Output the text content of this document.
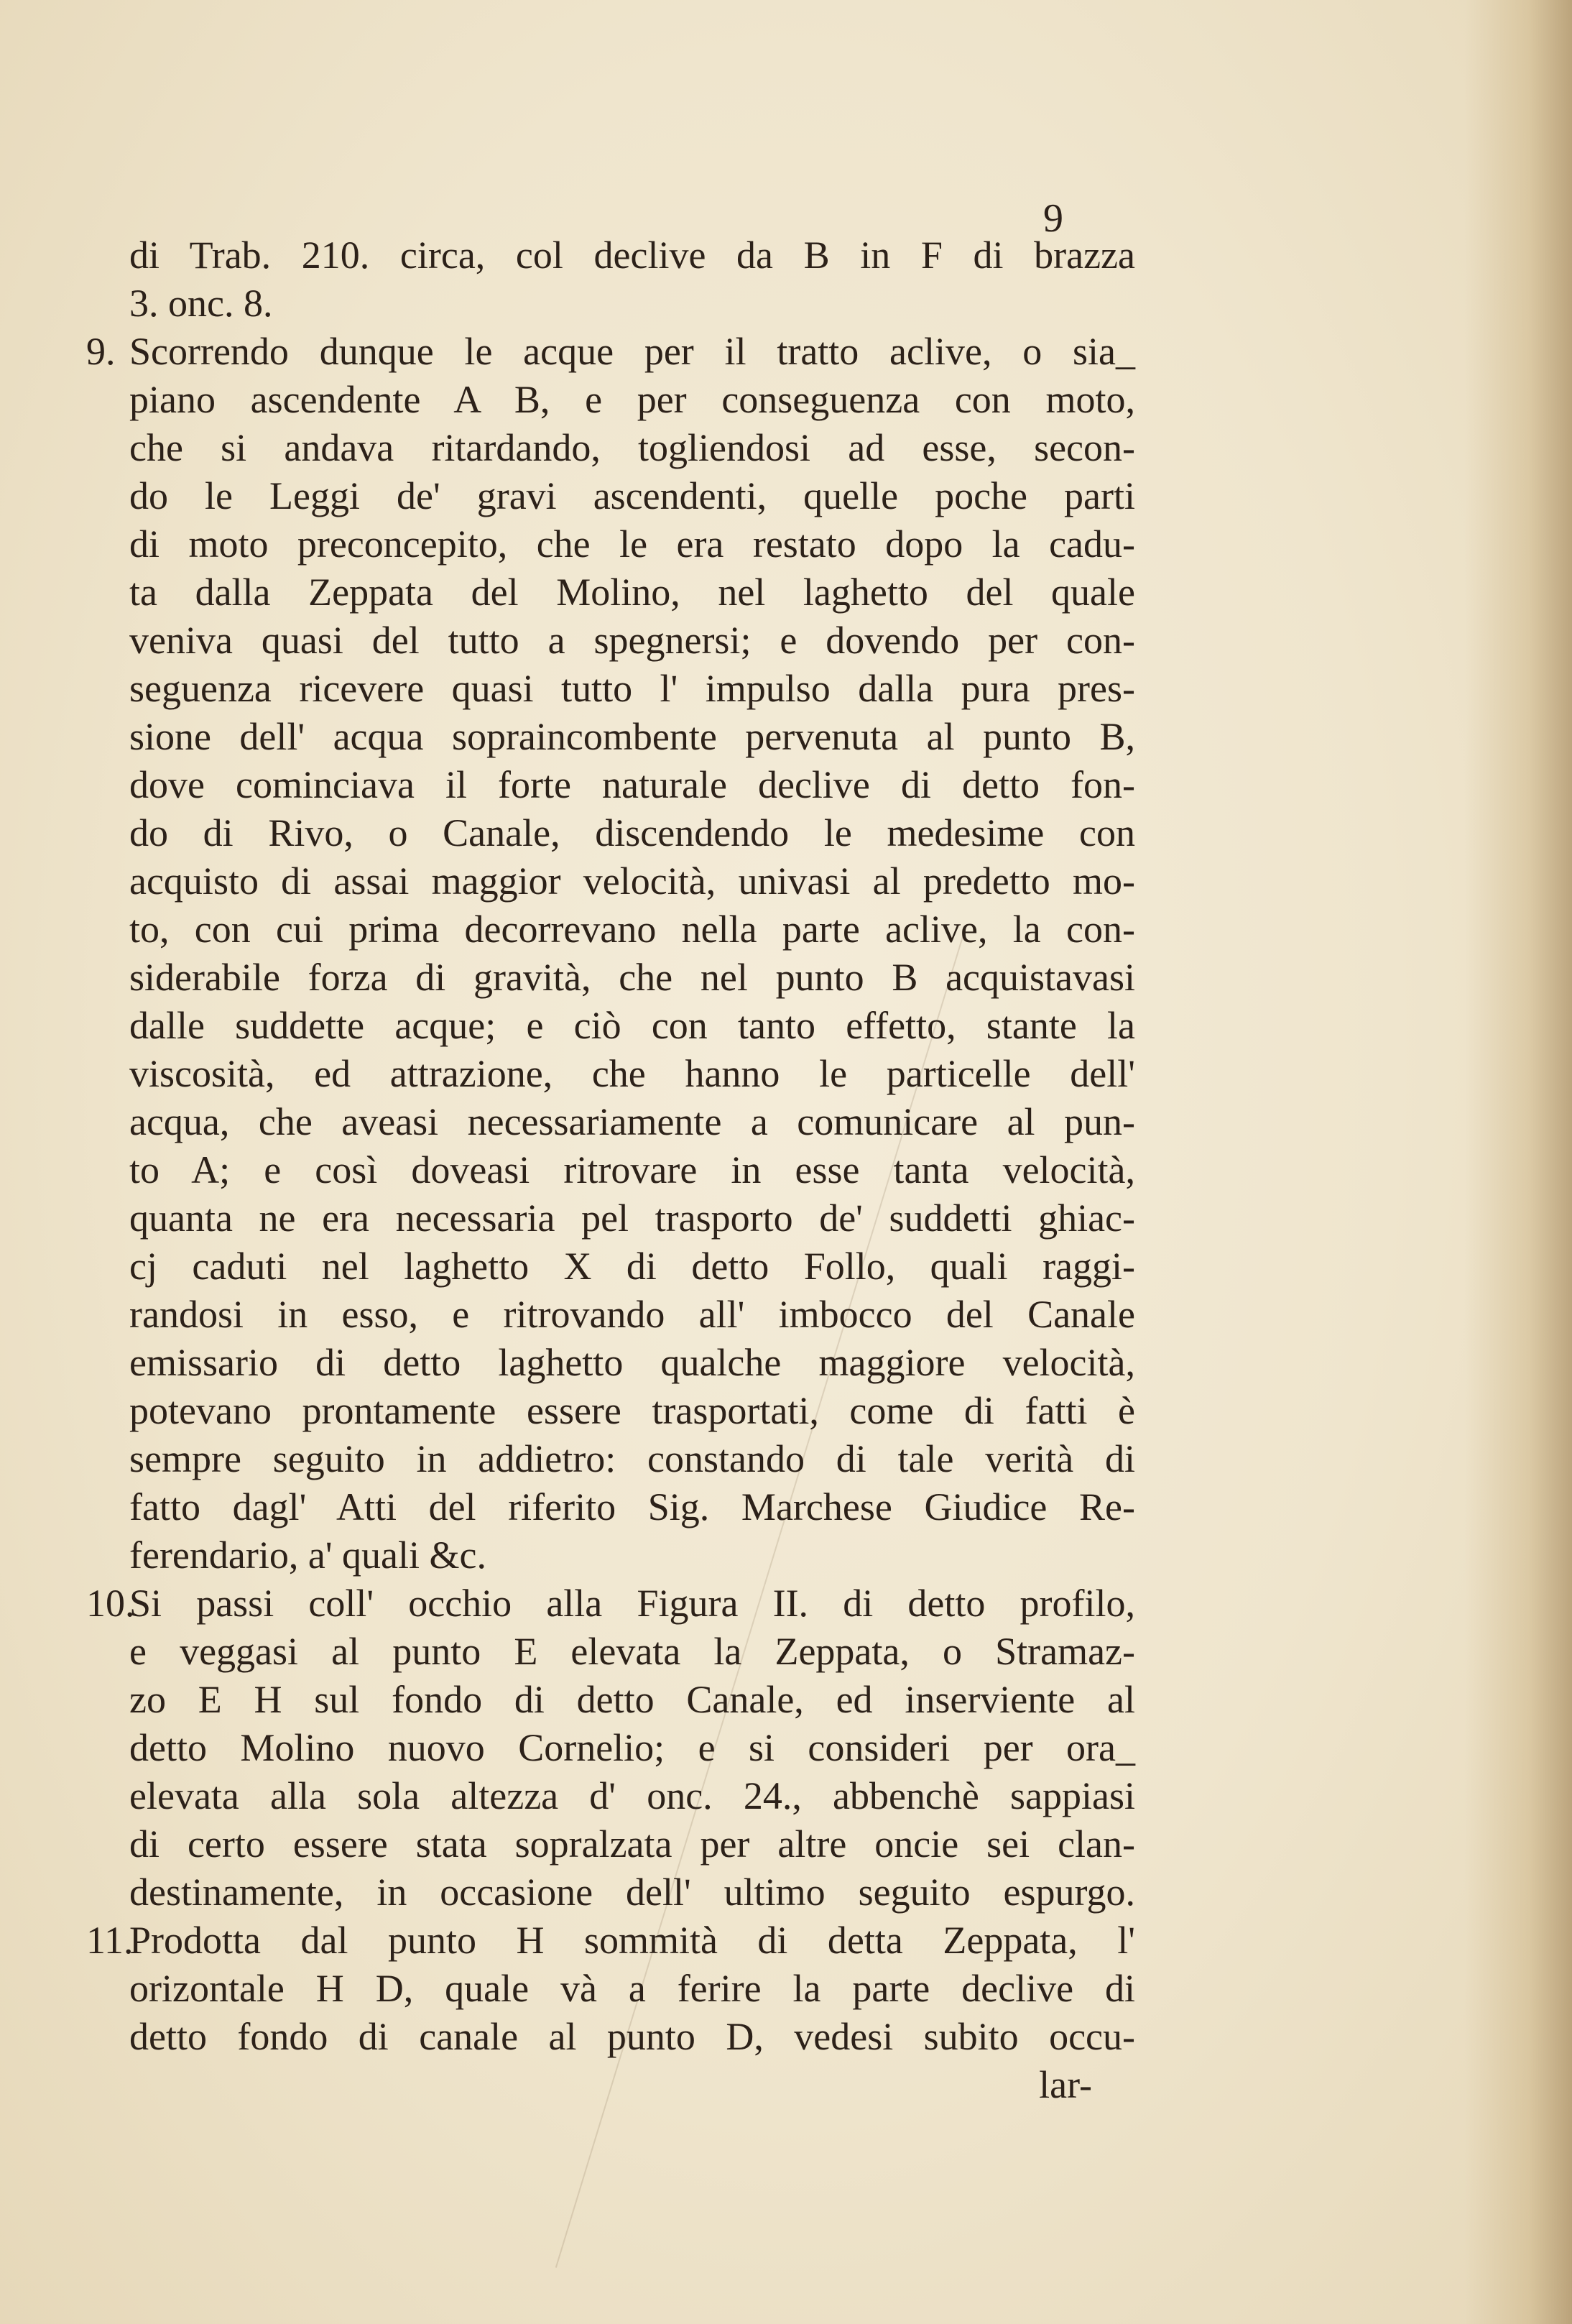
9
di Trab. 210. circa, col declive da B in F di brazza
3. onc. 8.
9. Scorrendo dunque le acque per il tratto aclive, o sia_
piano ascendente A B, e per conseguenza con moto,
che si andava ritardando, togliendosi ad esse, secon-
do le Leggi de' gravi ascendenti, quelle poche parti
di moto preconcepito, che le era restato dopo la cadu-
ta dalla Zeppata del Molino, nel laghetto del quale
veniva quasi del tutto a spegnersi; e dovendo per con-
seguenza ricevere quasi tutto l' impulso dalla pura pres-
sione dell' acqua sopraincombente pervenuta al punto B,
dove cominciava il forte naturale declive di detto fon-
do di Rivo, o Canale, discendendo le medesime con
acquisto di assai maggior velocità, univasi al predetto mo-
to, con cui prima decorrevano nella parte aclive, la con-
siderabile forza di gravità, che nel punto B acquistavasi
dalle suddette acque; e ciò con tanto effetto, stante la
viscosità, ed attrazione, che hanno le particelle dell'
acqua, che aveasi necessariamente a comunicare al pun-
to A; e così doveasi ritrovare in esse tanta velocità,
quanta ne era necessaria pel trasporto de' suddetti ghiac-
cj caduti nel laghetto X di detto Follo, quali raggi-
randosi in esso, e ritrovando all' imbocco del Canale
emissario di detto laghetto qualche maggiore velocità,
potevano prontamente essere trasportati, come di fatti è
sempre seguito in addietro: constando di tale verità di
fatto dagl' Atti del riferito Sig. Marchese Giudice Re-
ferendario, a' quali &c.
10.
Si passi coll' occhio alla Figura II. di detto profilo,
e veggasi al punto E elevata la Zeppata, o Stramaz-
zo E H sul fondo di detto Canale, ed inserviente al
detto Molino nuovo Cornelio; e si consideri per ora_
elevata alla sola altezza d' onc. 24., abbenchè sappiasi
di certo essere stata sopralzata per altre oncie sei clan-
destinamente, in occasione dell' ultimo seguito espurgo.
11.
Prodotta dal punto H sommità di detta Zeppata, l'
orizontale H D, quale và a ferire la parte declive di
detto fondo di canale al punto D, vedesi subito occu-
lar-
